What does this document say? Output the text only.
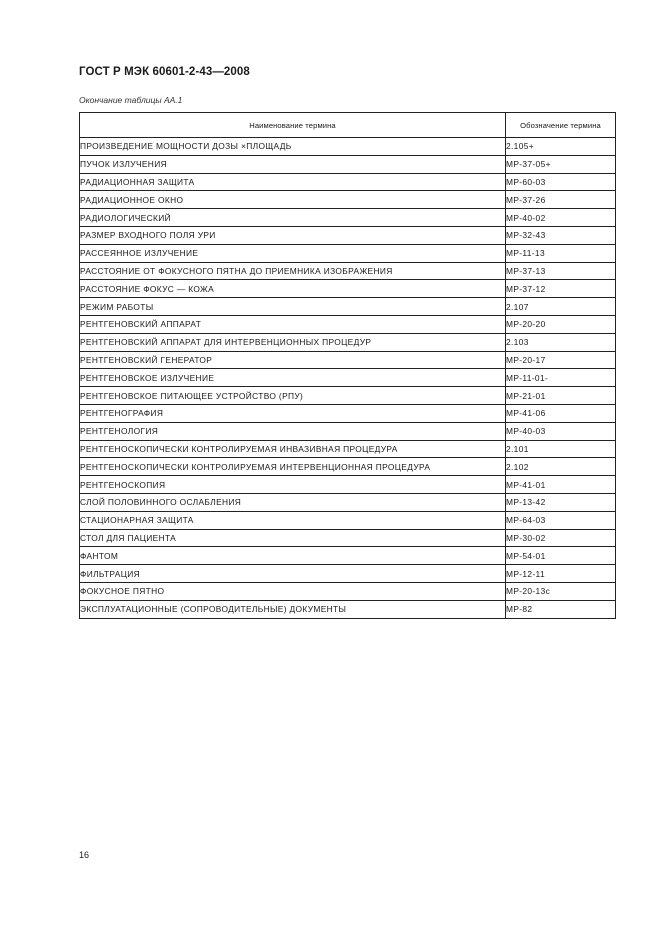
ГОСТ Р МЭК 60601-2-43—2008
Окончание таблицы АА.1
Наименование термина	Обозначение термина
ПРОИЗВЕДЕНИЕ МОЩНОСТИ ДОЗЫ ×ПЛОЩАДЬ	2.105+
ПУЧОК ИЗЛУЧЕНИЯ	МР-37-05+
РАДИАЦИОННАЯ ЗАЩИТА	МР-60-03
РАДИАЦИОННОЕ ОКНО	МР-37-26
РАДИОЛОГИЧЕСКИЙ	МР-40-02
РАЗМЕР ВХОДНОГО ПОЛЯ УРИ	МР-32-43
РАССЕЯННОЕ ИЗЛУЧЕНИЕ	МР-11-13
РАССТОЯНИЕ ОТ ФОКУСНОГО ПЯТНА ДО ПРИЕМНИКА ИЗОБРАЖЕНИЯ	МР-37-13
РАССТОЯНИЕ ФОКУС — КОЖА	МР-37-12
РЕЖИМ РАБОТЫ	2.107
РЕНТГЕНОВСКИЙ АППАРАТ	МР-20-20
РЕНТГЕНОВСКИЙ АППАРАТ ДЛЯ ИНТЕРВЕНЦИОННЫХ ПРОЦЕДУР	2.103
РЕНТГЕНОВСКИЙ ГЕНЕРАТОР	МР-20-17
РЕНТГЕНОВСКОЕ ИЗЛУЧЕНИЕ	МР-11-01-
РЕНТГЕНОВСКОЕ ПИТАЮЩЕЕ УСТРОЙСТВО (РПУ)	МР-21-01
РЕНТГЕНОГРАФИЯ	МР-41-06
РЕНТГЕНОЛОГИЯ	МР-40-03
РЕНТГЕНОСКОПИЧЕСКИ КОНТРОЛИРУЕМАЯ ИНВАЗИВНАЯ ПРОЦЕДУРА	2.101
РЕНТГЕНОСКОПИЧЕСКИ КОНТРОЛИРУЕМАЯ ИНТЕРВЕНЦИОННАЯ ПРОЦЕДУРА	2.102
РЕНТГЕНОСКОПИЯ	МР-41-01
СЛОЙ ПОЛОВИННОГО ОСЛАБЛЕНИЯ	МР-13-42
СТАЦИОНАРНАЯ ЗАЩИТА	МР-64-03
СТОЛ ДЛЯ ПАЦИЕНТА	МР-30-02
ФАНТОМ	МР-54-01
ФИЛЬТРАЦИЯ	МР-12-11
ФОКУСНОЕ ПЯТНО	МР-20-13с
ЭКСПЛУАТАЦИОННЫЕ (СОПРОВОДИТЕЛЬНЫЕ) ДОКУМЕНТЫ	МР-82
16
